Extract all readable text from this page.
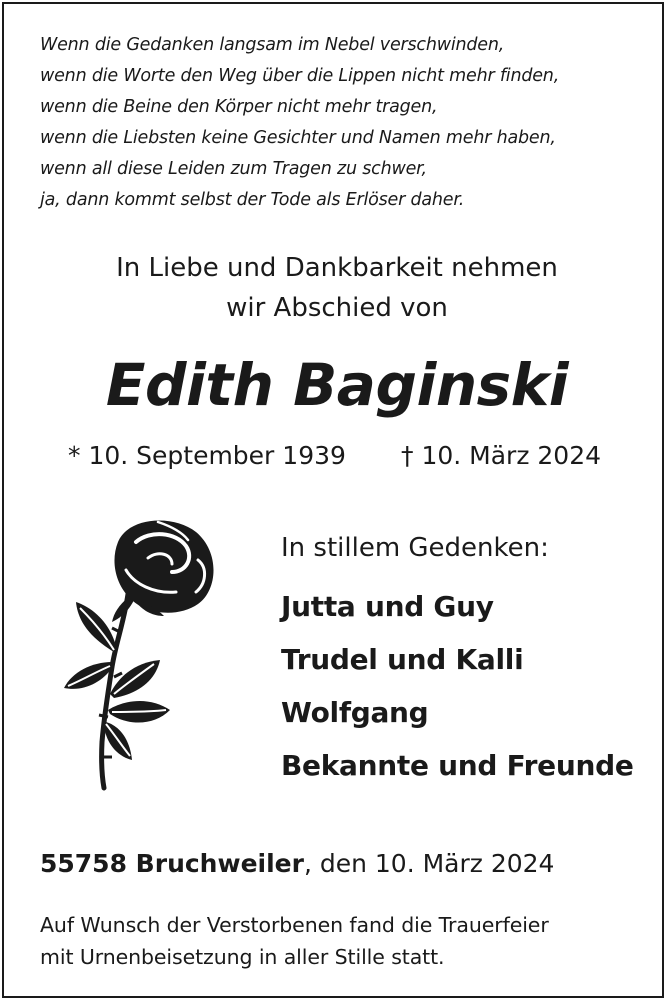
Wenn die Gedanken langsam im Nebel verschwinden,
wenn die Worte den Weg über die Lippen nicht mehr finden,
wenn die Beine den Körper nicht mehr tragen,
wenn die Liebsten keine Gesichter und Namen mehr haben,
wenn all diese Leiden zum Tragen zu schwer,
ja, dann kommt selbst der Tode als Erlöser daher.
In Liebe und Dankbarkeit nehmen
wir Abschied von
Edith Baginski
* 10. September 1939 † 10. März 2024
In stillem Gedenken:
Jutta und Guy
Trudel und Kalli
Wolfgang
Bekannte und Freunde
55758 Bruchweiler, den 10. März 2024
Auf Wunsch der Verstorbenen fand die Trauerfeier
mit Urnenbeisetzung in aller Stille statt.
